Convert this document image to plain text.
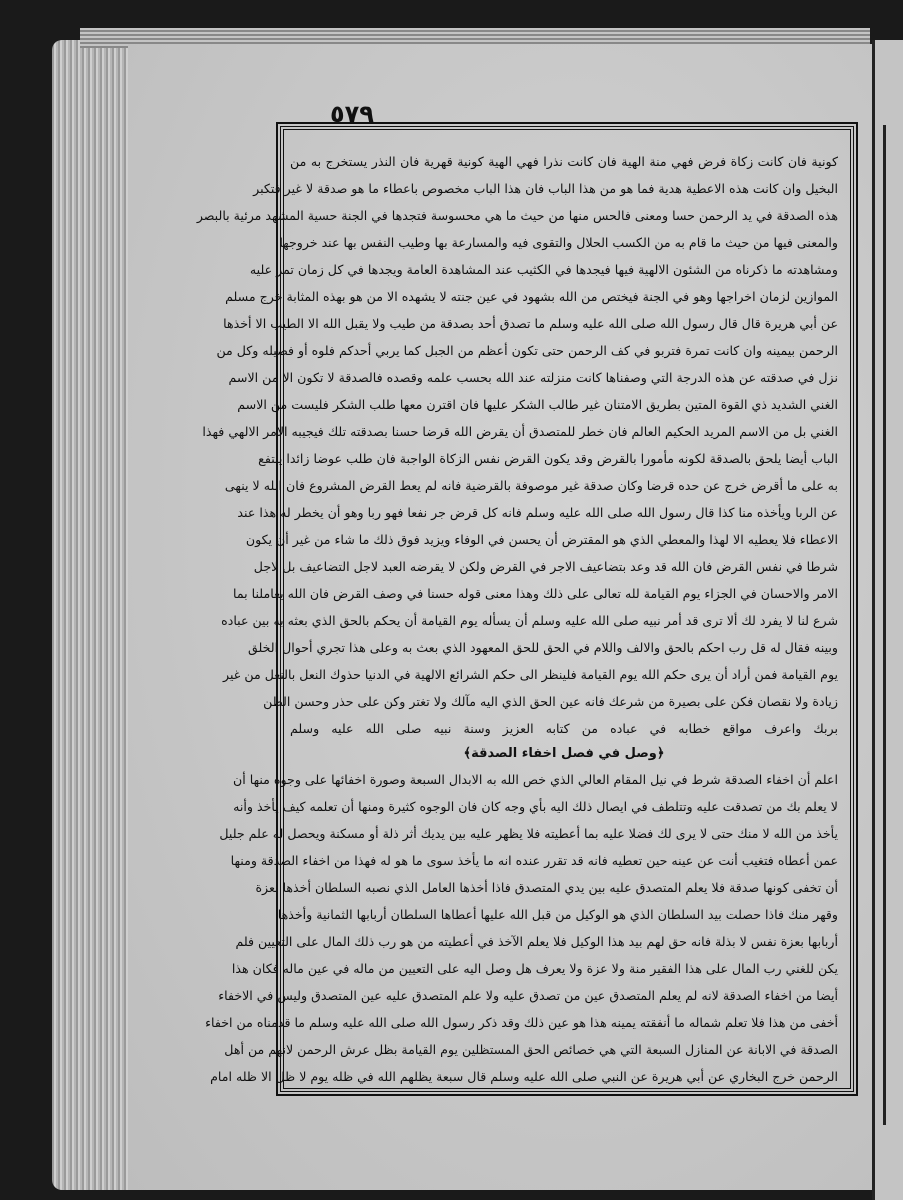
٥٧٩
كونية فان كانت زكاة فرض فهي منة الهية فان كانت نذرا فهي الهية كونية قهرية فان النذر يستخرج به من
البخيل وان كانت هذه الاعطية هدية فما هو من هذا الباب فان هذا الباب مخصوص باعطاء ما هو صدقة لا غير فتكبر
هذه الصدقة في يد الرحمن حسا ومعنى فالحس منها من حيث ما هي محسوسة فتجدها في الجنة حسية المشهد مرئية بالبصر
والمعنى فيها من حيث ما قام به من الكسب الحلال والتقوى فيه والمسارعة بها وطيب النفس بها عند خروجها
ومشاهدته ما ذكرناه من الشئون الالهية فيها فيجدها في الكثيب عند المشاهدة العامة ويجدها في كل زمان تمر عليه
الموازين لزمان اخراجها وهو في الجنة فيختص من الله بشهود في عين جنته لا يشهده الا من هو بهذه المثابة خرج مسلم
عن أبي هريرة قال قال رسول الله صلى الله عليه وسلم ما تصدق أحد بصدقة من طيب ولا يقبل الله الا الطيب الا أخذها
الرحمن بيمينه وان كانت تمرة فتربو في كف الرحمن حتى تكون أعظم من الجبل كما يربي أحدكم فلوه أو فصيله وكل من
نزل في صدقته عن هذه الدرجة التي وصفناها كانت منزلته عند الله بحسب علمه وقصده فالصدقة لا تكون الا من الاسم
الغني الشديد ذي القوة المتين بطريق الامتنان غير طالب الشكر عليها فان اقترن معها طلب الشكر فليست من الاسم
الغني بل من الاسم المريد الحكيم العالم فان خطر للمتصدق أن يقرض الله قرضا حسنا بصدقته تلك فيجيبه الامر الالهي فهذا
الباب أيضا يلحق بالصدقة لكونه مأمورا بالقرض وقد يكون القرض نفس الزكاة الواجبة فان طلب عوضا زائدا ينتفع
به على ما أقرض خرج عن حده قرضا وكان صدقة غير موصوفة بالقرضية فانه لم يعط القرض المشروع فان الله لا ينهى
عن الربا ويأخذه منا كذا قال رسول الله صلى الله عليه وسلم فانه كل قرض جر نفعا فهو ربا وهو أن يخطر له هذا عند
الاعطاء فلا يعطيه الا لهذا والمعطي الذي هو المقترض أن يحسن في الوفاء ويزيد فوق ذلك ما شاء من غير أن يكون
شرطا في نفس القرض فان الله قد وعد بتضاعيف الاجر في القرض ولكن لا يقرضه العبد لاجل التضاعيف بل لاجل
الامر والاحسان في الجزاء يوم القيامة لله تعالى على ذلك وهذا معنى قوله حسنا في وصف القرض فان الله يعاملنا بما
شرع لنا لا يفرد لك ألا ترى قد أمر نبيه صلى الله عليه وسلم أن يسأله يوم القيامة أن يحكم بالحق الذي بعثه به بين عباده
وبينه فقال له قل رب احكم بالحق والالف واللام في الحق للحق المعهود الذي بعث به وعلى هذا تجري أحوال الخلق
يوم القيامة فمن أراد أن يرى حكم الله يوم القيامة فلينظر الى حكم الشرائع الالهية في الدنيا حذوك النعل بالنعل من غير
زيادة ولا نقصان فكن على بصيرة من شرعك فانه عين الحق الذي اليه مآلك ولا تغتر وكن على حذر وحسن الظن
بربك واعرف مواقع خطابه في عباده من كتابه العزيز وسنة نبيه صلى الله عليه وسلم
﴿وصل في فصل اخفاء الصدقة﴾
اعلم أن اخفاء الصدقة شرط في نيل المقام العالي الذي خص الله به الابدال السبعة وصورة اخفائها على وجوه منها أن
لا يعلم بك من تصدقت عليه وتتلطف في ايصال ذلك اليه بأي وجه كان فان الوجوه كثيرة ومنها أن تعلمه كيف يأخذ وأنه
يأخذ من الله لا منك حتى لا يرى لك فضلا عليه بما أعطيته فلا يظهر عليه بين يديك أثر ذلة أو مسكنة ويحصل له علم جليل
عمن أعطاه فتغيب أنت عن عينه حين تعطيه فانه قد تقرر عنده انه ما يأخذ سوى ما هو له فهذا من اخفاء الصدقة ومنها
أن تخفى كونها صدقة فلا يعلم المتصدق عليه بين يدي المتصدق فاذا أخذها العامل الذي نصبه السلطان أخذها بعزة
وقهر منك فاذا حصلت بيد السلطان الذي هو الوكيل من قبل الله عليها أعطاها السلطان أربابها الثمانية وأخذها
أربابها بعزة نفس لا بذلة فانه حق لهم بيد هذا الوكيل فلا يعلم الآخذ في أعطيته من هو رب ذلك المال على التعيين فلم
يكن للغني رب المال على هذا الفقير منة ولا عزة ولا يعرف هل وصل اليه على التعيين من ماله في عين ماله فكان هذا
أيضا من اخفاء الصدقة لانه لم يعلم المتصدق عين من تصدق عليه ولا علم المتصدق عليه عين المتصدق وليس في الاخفاء
أخفى من هذا فلا تعلم شماله ما أنفقته يمينه هذا هو عين ذلك وقد ذكر رسول الله صلى الله عليه وسلم ما قدمناه من اخفاء
الصدقة في الابانة عن المنازل السبعة التي هي خصائص الحق المستظلين يوم القيامة بظل عرش الرحمن لانهم من أهل
الرحمن خرج البخاري عن أبي هريرة عن النبي صلى الله عليه وسلم قال سبعة يظلهم الله في ظله يوم لا ظل الا ظله امام
